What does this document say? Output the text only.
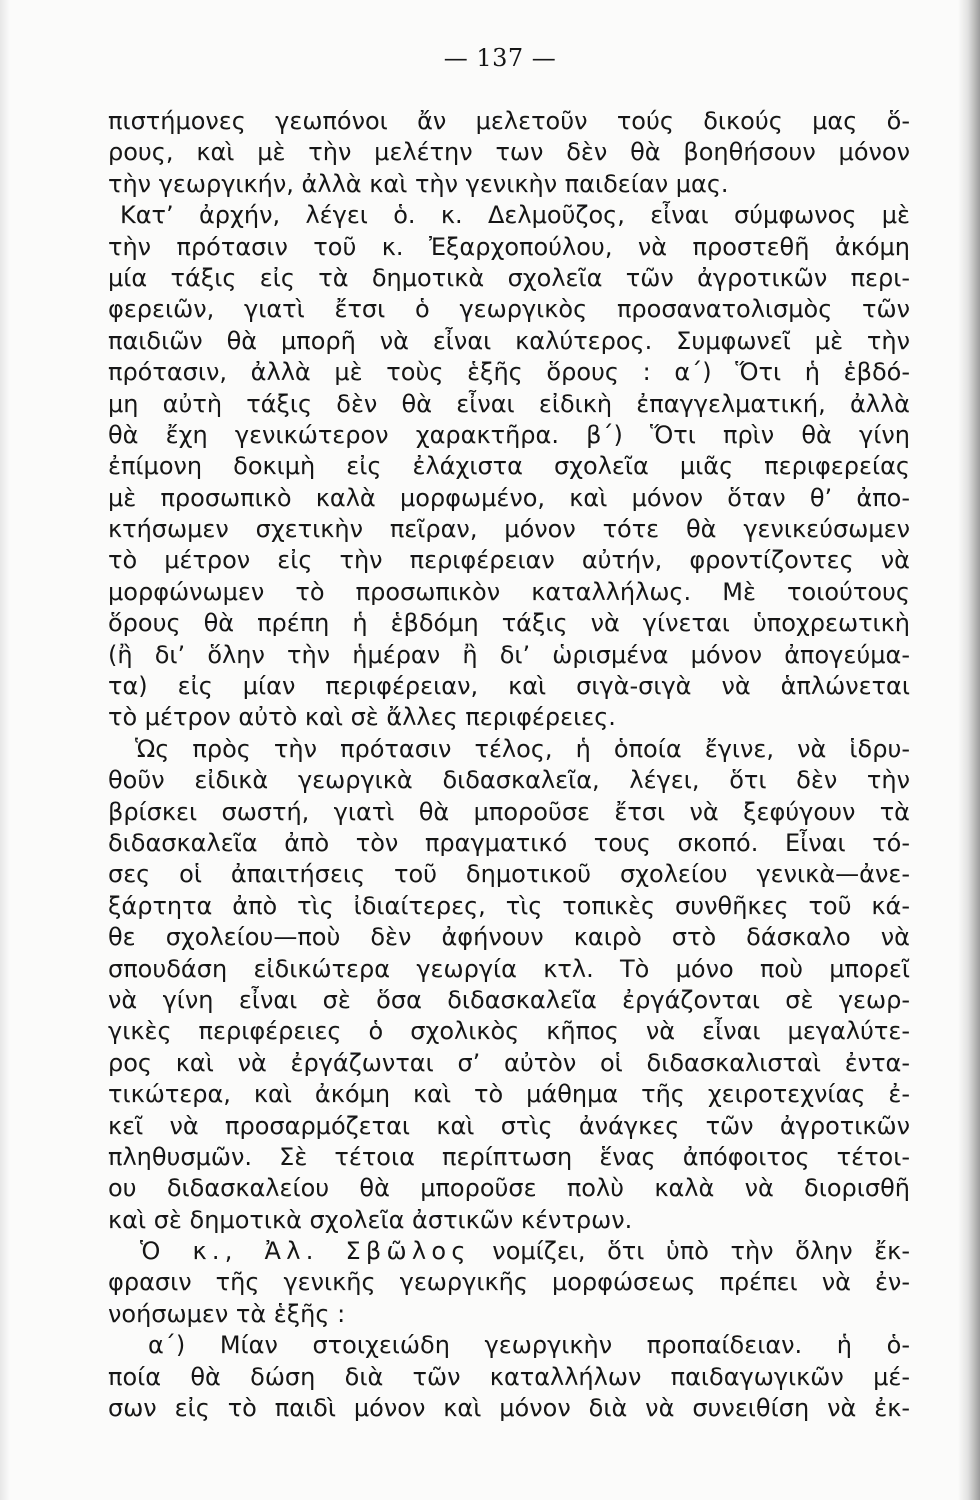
— 137 —
πιστήμονες γεωπόνοι ἄν μελετοῦν τούς δικούς μας ὅ-
ρους, καὶ μὲ τὴν μελέτην των δὲν θὰ βοηθήσουν μόνον
τὴν γεωργικήν, ἀλλὰ καὶ τὴν γενικὴν παιδείαν μας.
Κατ’ ἀρχήν, λέγει ὁ. κ. Δελμοῦζος, εἶναι σύμφωνος μὲ
τὴν πρότασιν τοῦ κ. Ἐξαρχοπούλου, νὰ προστεθῆ ἀκόμη
μία τάξις εἰς τὰ δημοτικὰ σχολεῖα τῶν ἀγροτικῶν περι-
φερειῶν, γιατὶ ἔτσι ὁ γεωργικὸς προσανατολισμὸς τῶν
παιδιῶν θὰ μπορῆ νὰ εἶναι καλύτερος. Συμφωνεῖ μὲ τὴν
πρότασιν, ἀλλὰ μὲ τοὺς ἑξῆς ὅρους : α΄) Ὅτι ἡ ἑβδό-
μη αὐτὴ τάξις δὲν θὰ εἶναι εἰδικὴ ἐπαγγελματική, ἀλλὰ
θὰ ἔχη γενικώτερον χαρακτῆρα. β΄) Ὅτι πρὶν θὰ γίνη
ἐπίμονη δοκιμὴ εἰς ἐλάχιστα σχολεῖα μιᾶς περιφερείας
μὲ προσωπικὸ καλὰ μορφωμένο, καὶ μόνον ὅταν θ’ ἀπο-
κτήσωμεν σχετικὴν πεῖραν, μόνον τότε θὰ γενικεύσωμεν
τὸ μέτρον εἰς τὴν περιφέρειαν αὐτήν, φροντίζοντες νὰ
μορφώνωμεν τὸ προσωπικὸν καταλλήλως. Μὲ τοιούτους
ὅρους θὰ πρέπη ἡ ἑβδόμη τάξις νὰ γίνεται ὑποχρεωτικὴ
(ἢ δι’ ὅλην τὴν ἡμέραν ἢ δι’ ὡρισμένα μόνον ἀπογεύμα-
τα) εἰς μίαν περιφέρειαν, καὶ σιγὰ-σιγὰ νὰ ἁπλώνεται
τὸ μέτρον αὐτὸ καὶ σὲ ἄλλες περιφέρειες.
Ὡς πρὸς τὴν πρότασιν τέλος, ἡ ὁποία ἔγινε, νὰ ἱδρυ-
θοῦν εἰδικὰ γεωργικὰ διδασκαλεῖα, λέγει, ὅτι δὲν τὴν
βρίσκει σωστή, γιατὶ θὰ μποροῦσε ἔτσι νὰ ξεφύγουν τὰ
διδασκαλεῖα ἀπὸ τὸν πραγματικό τους σκοπό. Εἶναι τό-
σες οἱ ἀπαιτήσεις τοῦ δημοτικοῦ σχολείου γενικὰ—ἀνε-
ξάρτητα ἀπὸ τὶς ἰδιαίτερες, τὶς τοπικὲς συνθῆκες τοῦ κά-
θε σχολείου—ποὺ δὲν ἀφήνουν καιρὸ στὸ δάσκαλο νὰ
σπουδάση εἰδικώτερα γεωργία κτλ. Τὸ μόνο ποὺ μπορεῖ
νὰ γίνη εἶναι σὲ ὅσα διδασκαλεῖα ἐργάζονται σὲ γεωρ-
γικὲς περιφέρειες ὁ σχολικὸς κῆπος νὰ εἶναι μεγαλύτε-
ρος καὶ νὰ ἐργάζωνται σ’ αὐτὸν οἱ διδασκαλισταὶ ἐντα-
τικώτερα, καὶ ἀκόμη καὶ τὸ μάθημα τῆς χειροτεχνίας ἐ-
κεῖ νὰ προσαρμόζεται καὶ στὶς ἀνάγκες τῶν ἀγροτικῶν
πληθυσμῶν. Σὲ τέτοια περίπτωση ἕνας ἀπόφοιτος τέτοι-
ου διδασκαλείου θὰ μποροῦσε πολὺ καλὰ νὰ διορισθῆ
καὶ σὲ δημοτικὰ σχολεῖα ἀστικῶν κέντρων.
Ὁ κ., Ἀλ. Σβῶλος νομίζει, ὅτι ὑπὸ τὴν ὅλην ἔκ-
φρασιν τῆς γενικῆς γεωργικῆς μορφώσεως πρέπει νὰ ἐν-
νοήσωμεν τὰ ἑξῆς :
α΄) Μίαν στοιχειώδη γεωργικὴν προπαίδειαν. ἡ ὁ-
ποία θὰ δώση διὰ τῶν καταλλήλων παιδαγωγικῶν μέ-
σων εἰς τὸ παιδὶ μόνον καὶ μόνον διὰ νὰ συνειθίση νὰ ἐκ-
